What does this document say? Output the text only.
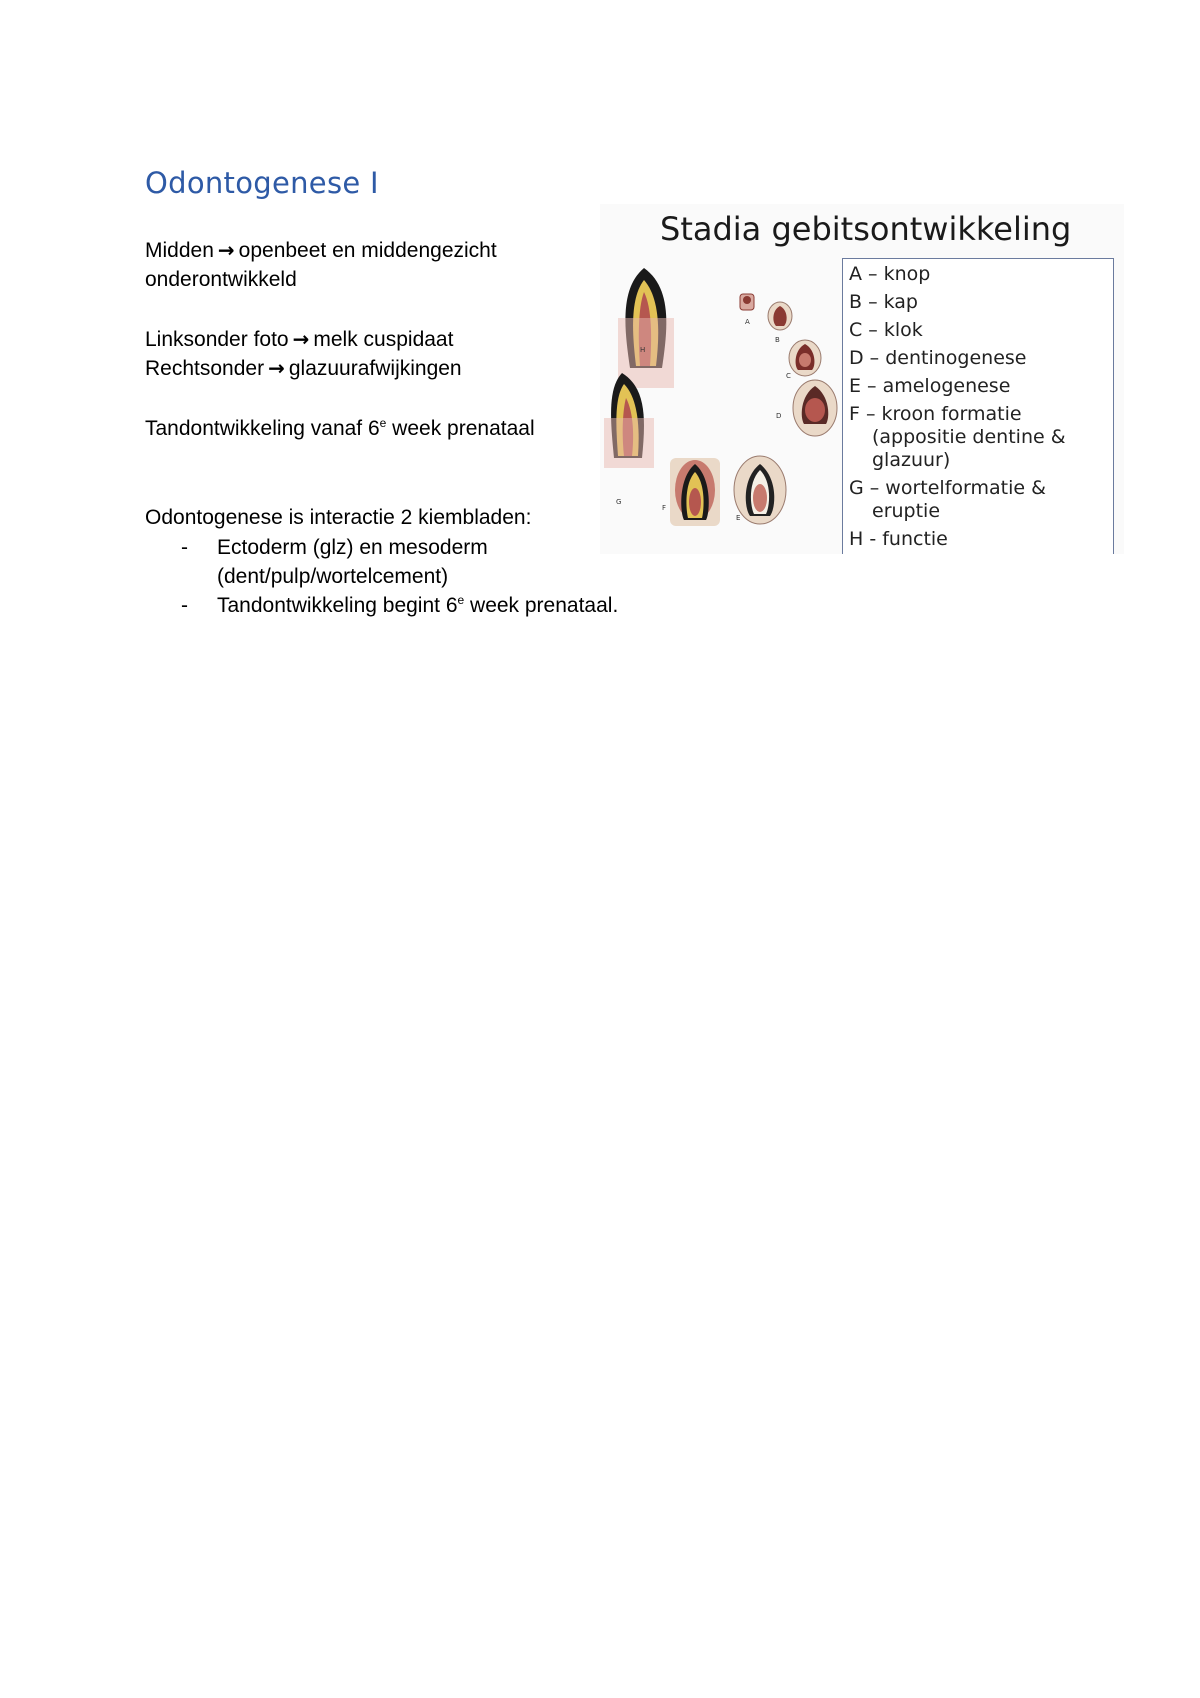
Odontogenese I
Midden → openbeet en middengezicht
onderontwikkeld
Linksonder foto → melk cuspidaat
Rechtsonder → glazuurafwijkingen
Tandontwikkeling vanaf 6e week prenataal
Odontogenese is interactie 2 kiembladen:
- Ectoderm (glz) en mesoderm
(dent/pulp/wortelcement)
- Tandontwikkeling begint 6e week prenataal.
Stadia gebitsontwikkeling
A
B
C
D
E
F
G
H
A – knop
B – kap
C – klok
D – dentinogenese
E – amelogenese
F – kroon formatie
(appositie dentine &
glazuur)
G – wortelformatie &
eruptie
H - functie
